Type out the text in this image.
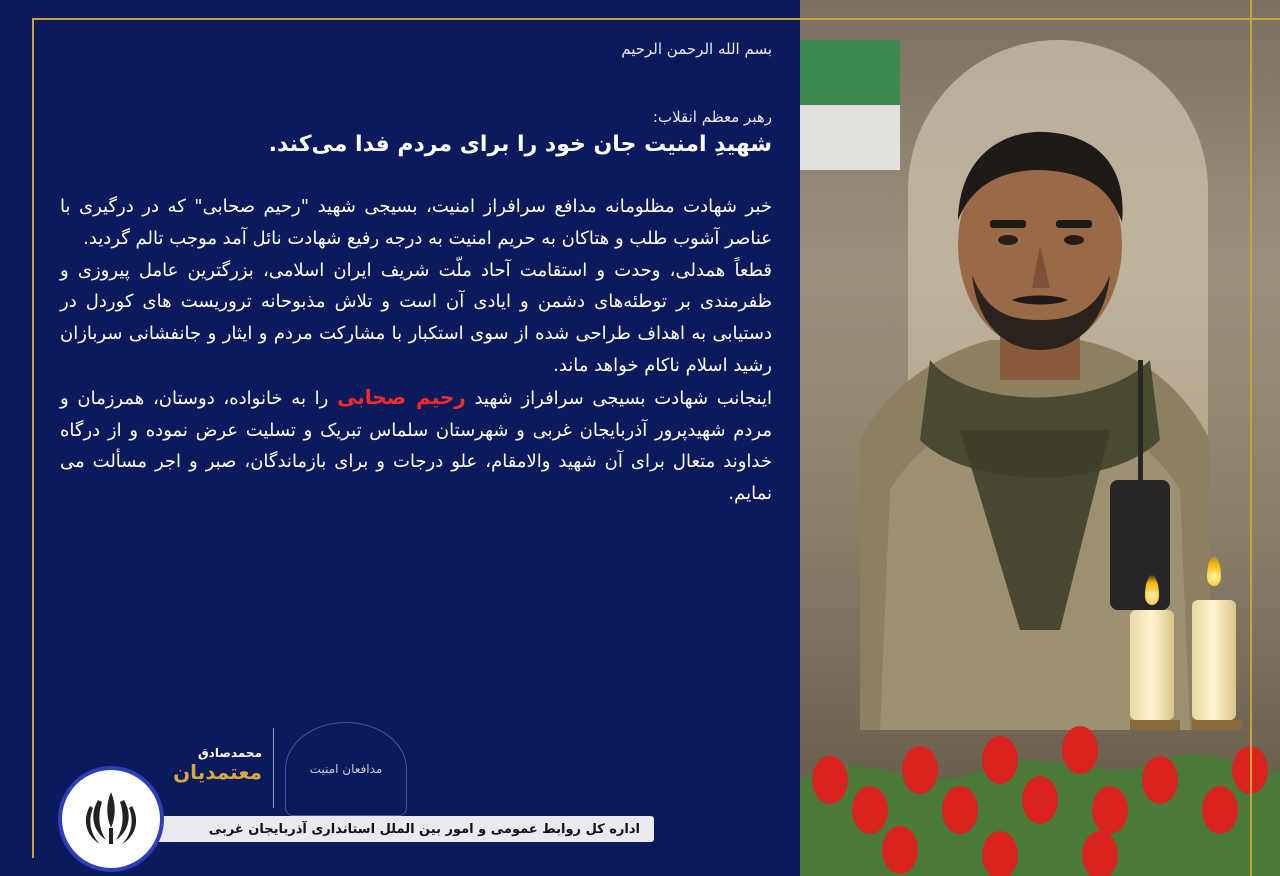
بسم الله الرحمن الرحیم
رهبر معظم انقلاب:
شهیدِ امنیت جان خود را برای مردم فدا می‌کند.

خبر شهادت مظلومانه مدافع سرافراز امنیت، بسیجی شهید "رحیم صحابی" که در درگیری با عناصر آشوب طلب و هتاکان به حریم امنیت به درجه رفیع شهادت نائل آمد موجب تالم گردید.

قطعاً همدلی، وحدت و استقامت آحاد ملّت شریف ایران اسلامی، بزرگترین عامل پیروزی و ظفرمندی بر توطئه‌های دشمن و ایادی آن است و تلاش مذبوحانه تروریست های کوردل در دستیابی به اهداف طراحی شده از سوی استکبار با مشارکت مردم و ایثار و جانفشانی سربازان رشید اسلام ناکام خواهد ماند.

اینجانب شهادت بسیجی سرافراز شهید رحیم صحابی را به خانواده، دوستان، همرزمان و مردم شهیدپرور آذربایجان غربی و شهرستان سلماس تبریک و تسلیت عرض نموده و از درگاه خداوند متعال برای آن شهید والامقام، علو درجات و برای بازماندگان، صبر و اجر مسألت می نمایم.

محمدصادق
معتمدیان	مدافعان امنیت
اداره کل روابط عمومی و امور بین الملل استانداری آذربایجان غربی
